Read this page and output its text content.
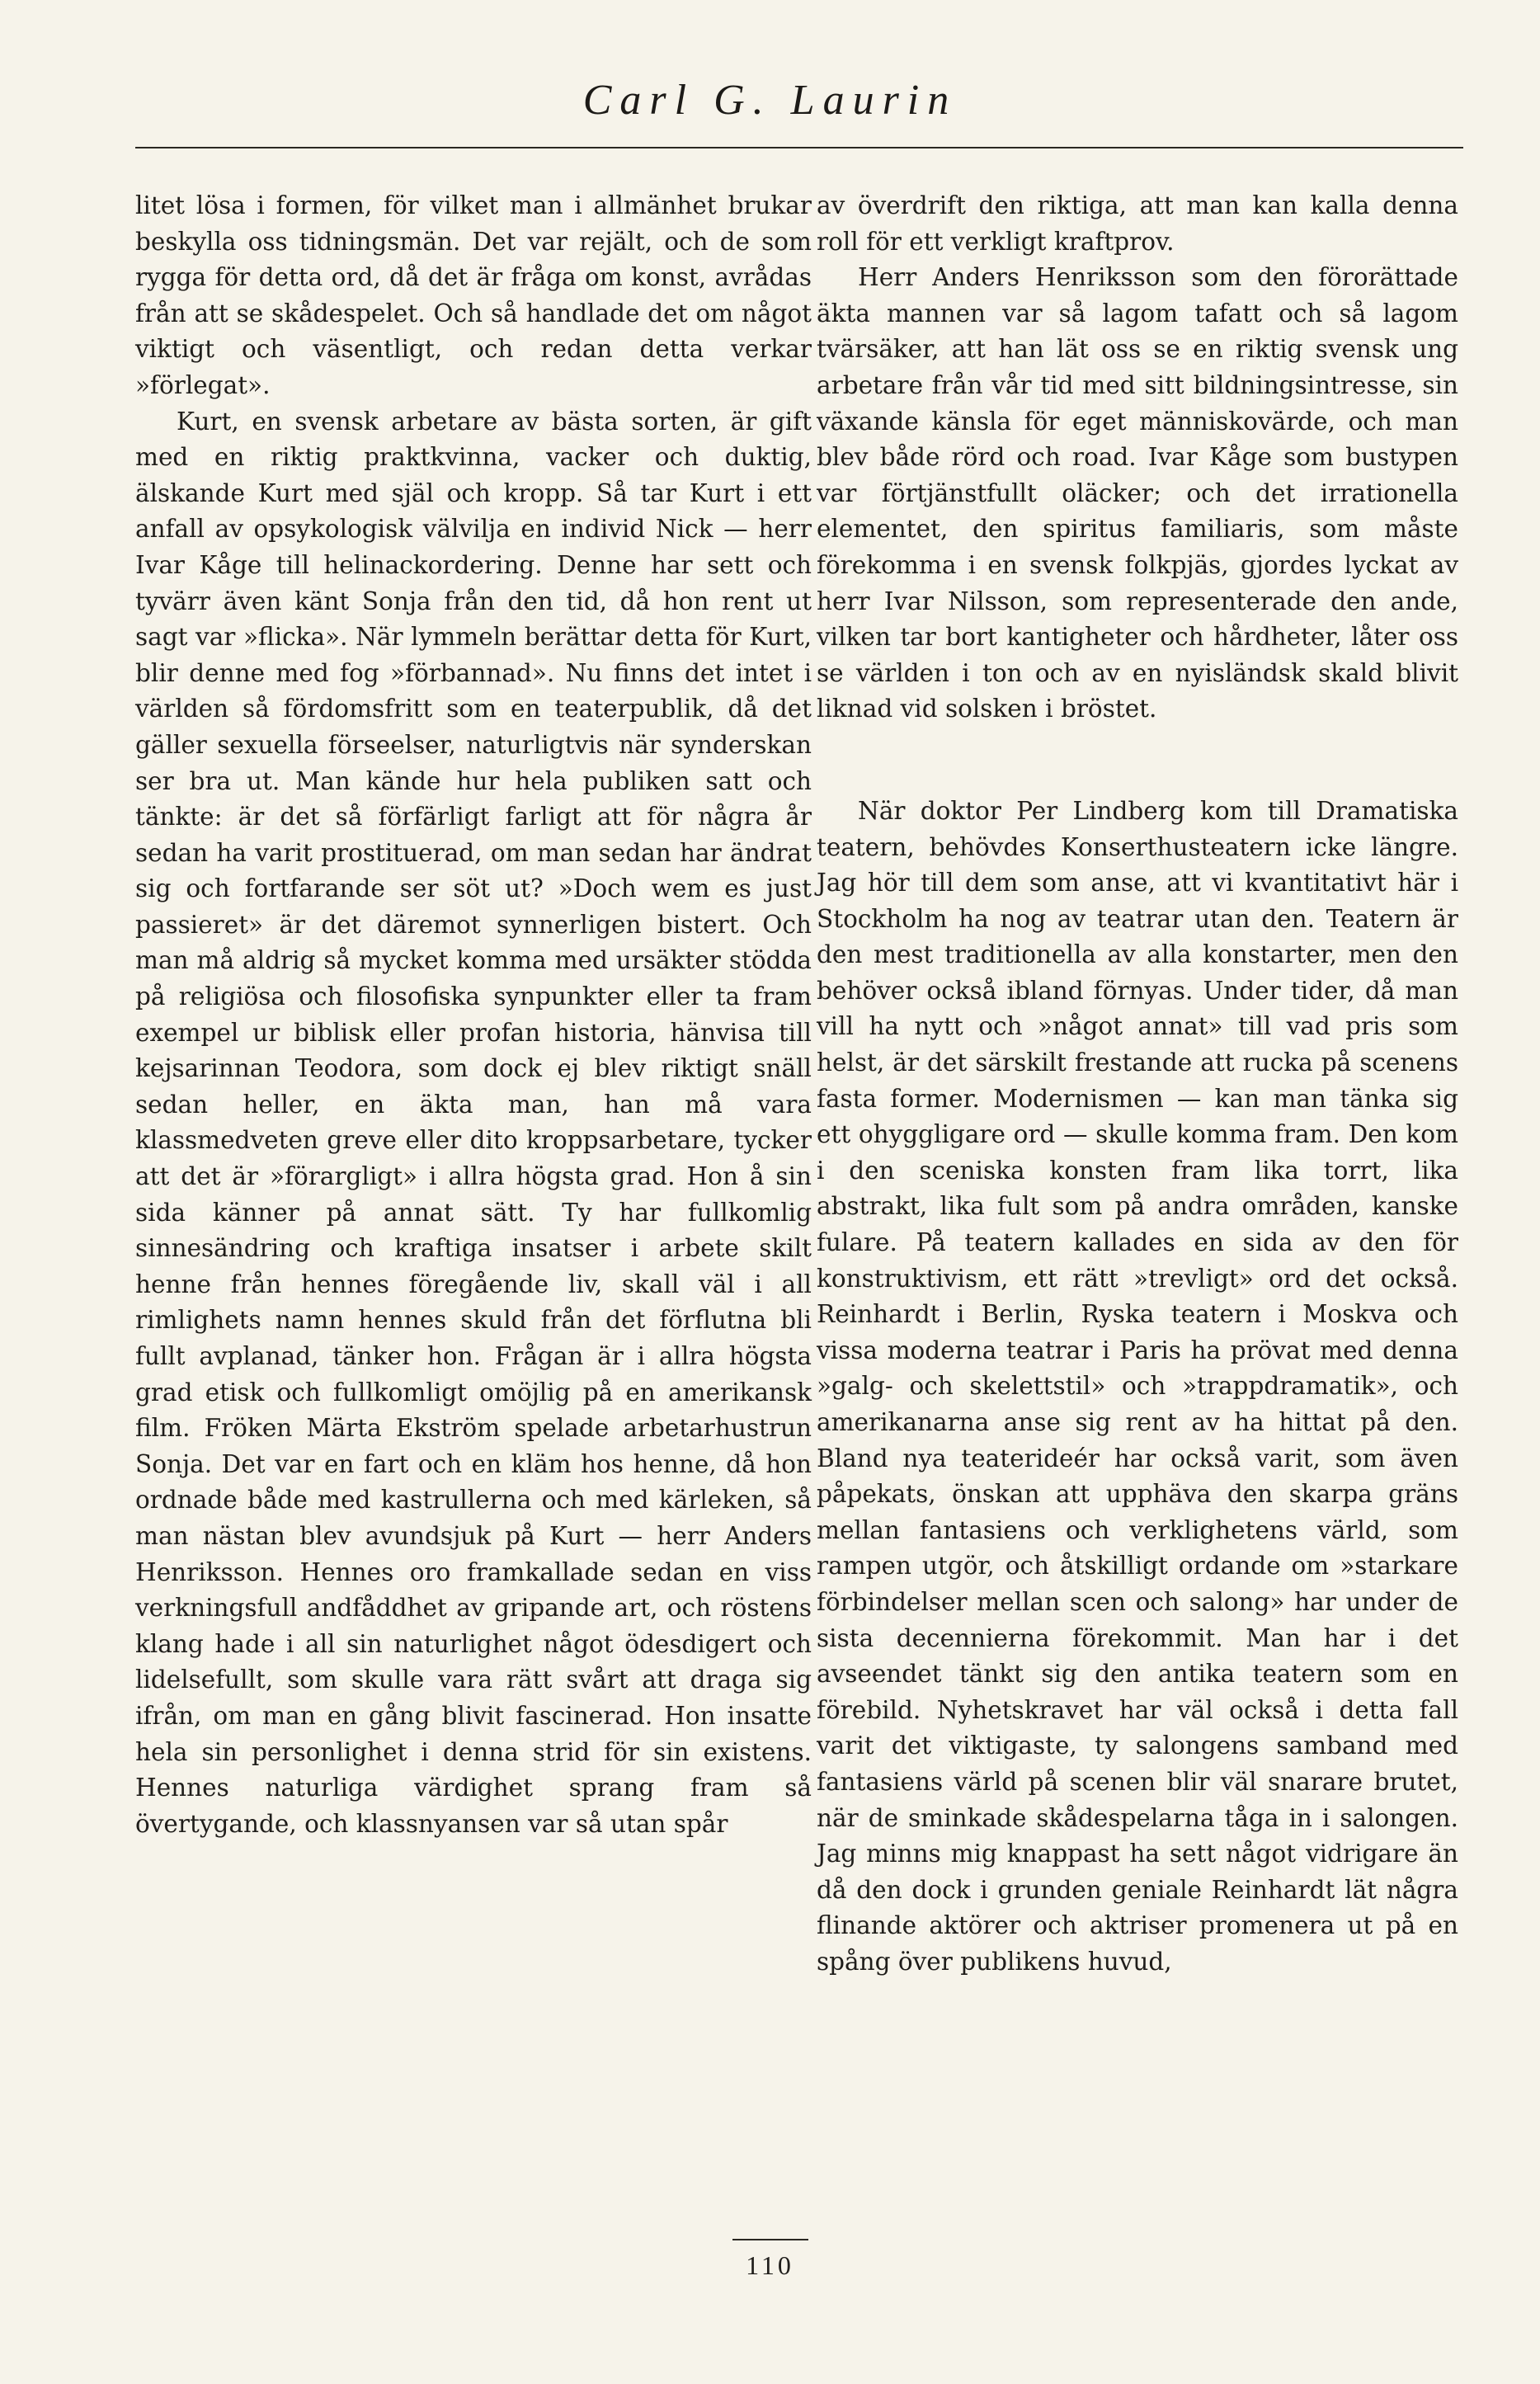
Carl G. Laurin

litet lösa i formen, för vilket man i allmänhet brukar beskylla oss tidningsmän. Det var rejält, och de som rygga för detta ord, då det är fråga om konst, avrådas från att se skådespelet. Och så handlade det om något viktigt och väsentligt, och redan detta verkar »förlegat».

Kurt, en svensk arbetare av bästa sorten, är gift med en riktig praktkvinna, vacker och duktig, älskande Kurt med själ och kropp. Så tar Kurt i ett anfall av opsykologisk välvilja en individ Nick — herr Ivar Kåge till helinackordering. Denne har sett och tyvärr även känt Sonja från den tid, då hon rent ut sagt var »flicka». När lymmeln berättar detta för Kurt, blir denne med fog »förbannad». Nu finns det intet i världen så fördomsfritt som en teaterpublik, då det gäller sexuella förseelser, naturligtvis när synderskan ser bra ut. Man kände hur hela publiken satt och tänkte: är det så förfärligt farligt att för några år sedan ha varit prostituerad, om man sedan har ändrat sig och fortfarande ser söt ut? »Doch wem es just passieret» är det däremot synnerligen bistert. Och man må aldrig så mycket komma med ursäkter stödda på religiösa och filosofiska synpunkter eller ta fram exempel ur biblisk eller profan historia, hänvisa till kejsarinnan Teodora, som dock ej blev riktigt snäll sedan heller, en äkta man, han må vara klassmedveten greve eller dito kroppsarbetare, tycker att det är »förargligt» i allra högsta grad. Hon å sin sida känner på annat sätt. Ty har fullkomlig sinnesändring och kraftiga insatser i arbete skilt henne från hennes föregående liv, skall väl i all rimlighets namn hennes skuld från det förflutna bli fullt avplanad, tänker hon. Frågan är i allra högsta grad etisk och fullkomligt omöjlig på en amerikansk film. Fröken Märta Ekström spelade arbetarhustrun Sonja. Det var en fart och en kläm hos henne, då hon ordnade både med kastrullerna och med kärleken, så man nästan blev avundsjuk på Kurt — herr Anders Henriksson. Hennes oro framkallade sedan en viss verkningsfull andfåddhet av gripande art, och röstens klang hade i all sin naturlighet något ödesdigert och lidelsefullt, som skulle vara rätt svårt att draga sig ifrån, om man en gång blivit fascinerad. Hon insatte hela sin personlighet i denna strid för sin existens. Hennes naturliga värdighet sprang fram så övertygande, och klassnyansen var så utan spår

av överdrift den riktiga, att man kan kalla denna roll för ett verkligt kraftprov.

Herr Anders Henriksson som den förorättade äkta mannen var så lagom tafatt och så lagom tvärsäker, att han lät oss se en riktig svensk ung arbetare från vår tid med sitt bildningsintresse, sin växande känsla för eget människovärde, och man blev både rörd och road. Ivar Kåge som bustypen var förtjänstfullt oläcker; och det irrationella elementet, den spiritus familiaris, som måste förekomma i en svensk folkpjäs, gjordes lyckat av herr Ivar Nilsson, som representerade den ande, vilken tar bort kantigheter och hårdheter, låter oss se världen i ton och av en nyisländsk skald blivit liknad vid solsken i bröstet.

När doktor Per Lindberg kom till Dramatiska teatern, behövdes Konserthusteatern icke längre. Jag hör till dem som anse, att vi kvantitativt här i Stockholm ha nog av teatrar utan den. Teatern är den mest traditionella av alla konstarter, men den behöver också ibland förnyas. Under tider, då man vill ha nytt och »något annat» till vad pris som helst, är det särskilt frestande att rucka på scenens fasta former. Modernismen — kan man tänka sig ett ohyggligare ord — skulle komma fram. Den kom i den sceniska konsten fram lika torrt, lika abstrakt, lika fult som på andra områden, kanske fulare. På teatern kallades en sida av den för konstruktivism, ett rätt »trevligt» ord det också. Reinhardt i Berlin, Ryska teatern i Moskva och vissa moderna teatrar i Paris ha prövat med denna »galg- och skelettstil» och »trappdramatik», och amerikanarna anse sig rent av ha hittat på den. Bland nya teaterideér har också varit, som även påpekats, önskan att upphäva den skarpa gräns mellan fantasiens och verklighetens värld, som rampen utgör, och åtskilligt ordande om »starkare förbindelser mellan scen och salong» har under de sista decennierna förekommit. Man har i det avseendet tänkt sig den antika teatern som en förebild. Nyhetskravet har väl också i detta fall varit det viktigaste, ty salongens samband med fantasiens värld på scenen blir väl snarare brutet, när de sminkade skådespelarna tåga in i salongen. Jag minns mig knappast ha sett något vidrigare än då den dock i grunden geniale Reinhardt lät några flinande aktörer och aktriser promenera ut på en spång över publikens huvud,

110
